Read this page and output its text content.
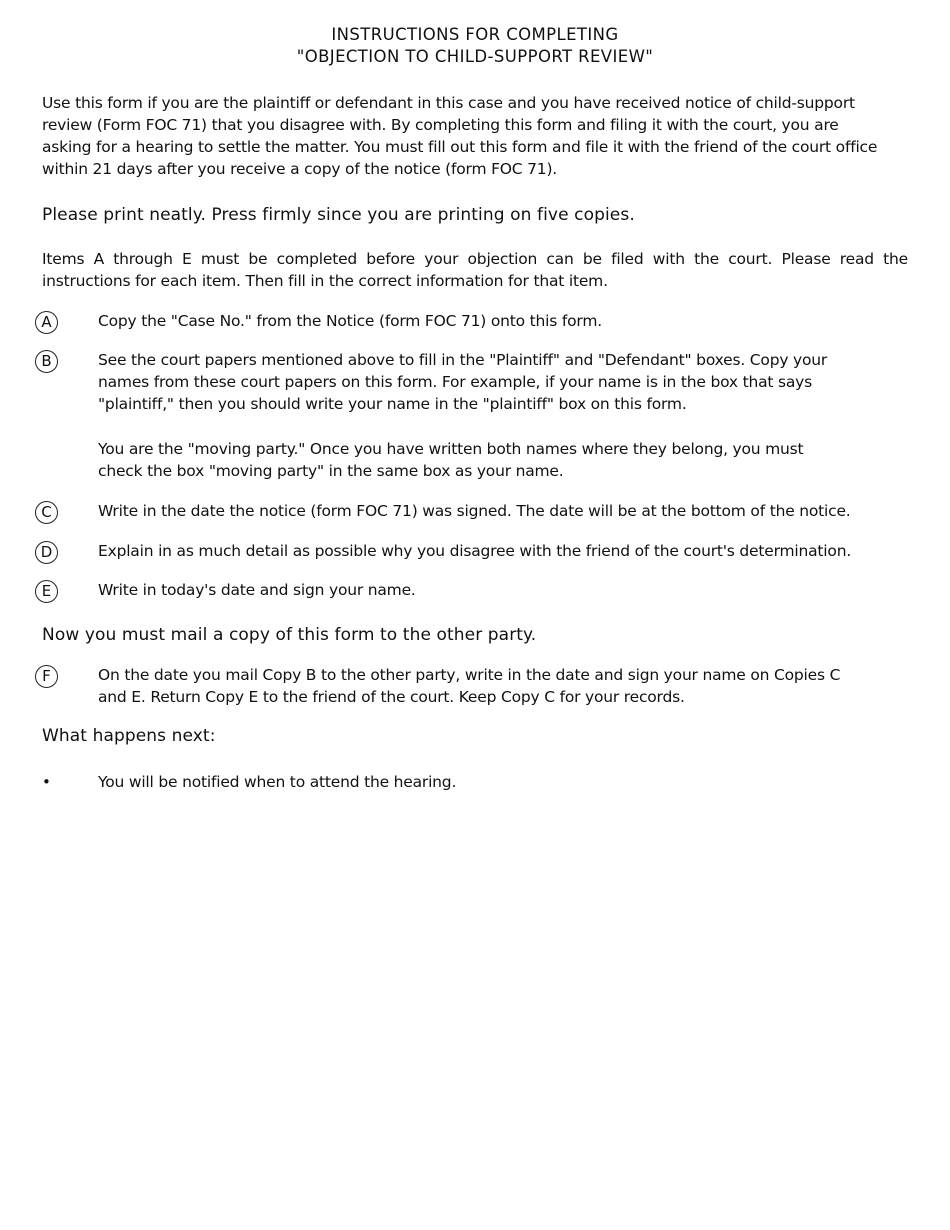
INSTRUCTIONS FOR COMPLETING
"OBJECTION TO CHILD-SUPPORT REVIEW"
Use this form if you are the plaintiff or defendant in this case and you have received notice of child-support
review (Form FOC 71) that you disagree with. By completing this form and filing it with the court, you are
asking for a hearing to settle the matter. You must fill out this form and file it with the friend of the court office
within 21 days after you receive a copy of the notice (form FOC 71).
Please print neatly. Press firmly since you are printing on five copies.
Items A through E must be completed before your objection can be filed with the court. Please read the
instructions for each item. Then fill in the correct information for that item.
A	Copy the "Case No." from the Notice (form FOC 71) onto this form.
B	See the court papers mentioned above to fill in the "Plaintiff" and "Defendant" boxes. Copy your
names from these court papers on this form. For example, if your name is in the box that says
"plaintiff," then you should write your name in the "plaintiff" box on this form.
You are the "moving party." Once you have written both names where they belong, you must
check the box "moving party" in the same box as your name.
C	Write in the date the notice (form FOC 71) was signed. The date will be at the bottom of the notice.
D	Explain in as much detail as possible why you disagree with the friend of the court's determination.
E	Write in today's date and sign your name.
Now you must mail a copy of this form to the other party.
F	On the date you mail Copy B to the other party, write in the date and sign your name on Copies C
and E. Return Copy E to the friend of the court. Keep Copy C for your records.
What happens next:
•	You will be notified when to attend the hearing.
